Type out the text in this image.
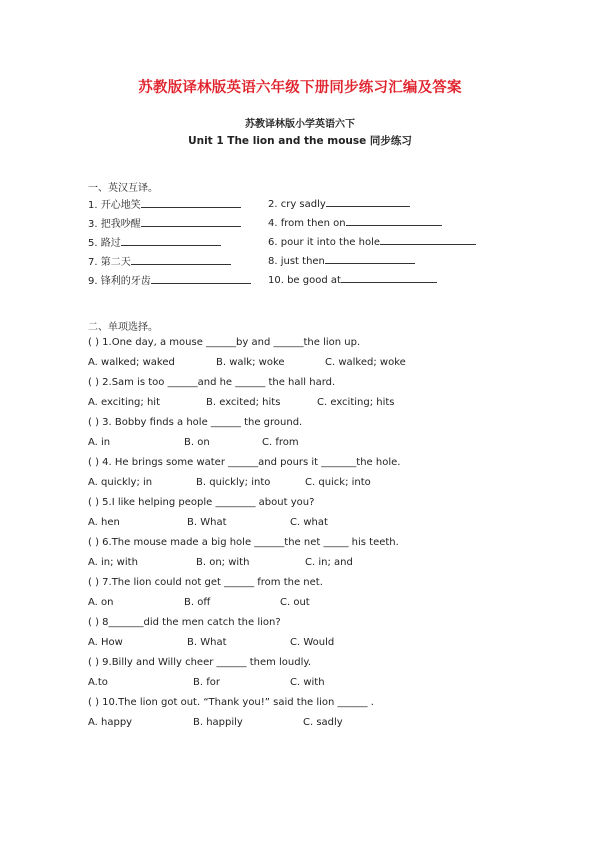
苏教版译林版英语六年级下册同步练习汇编及答案
苏教译林版小学英语六下
Unit 1 The lion and the mouse 同步练习
一、英汉互译。
1. 开心地笑	2. cry sadly
3. 把我吵醒	4. from then on
5. 路过	6. pour it into the hole
7. 第二天	8. just then
9. 锋利的牙齿	10. be good at
二、单项选择。
( ) 1.One day, a mouse ______by and ______the lion up.
A. walked; waked	B. walk; woke	C. walked; woke
( ) 2.Sam is too ______and he ______ the hall hard.
A. exciting; hit	B. excited; hits	C. exciting; hits
( ) 3. Bobby finds a hole ______ the ground.
A. in	B. on	C. from
( ) 4. He brings some water ______and pours it _______the hole.
A. quickly; in	B. quickly; into	C. quick; into
( ) 5.I like helping people ________ about you?
A. hen	B. What	C. what
( ) 6.The mouse made a big hole ______the net _____ his teeth.
A. in; with	B. on; with	C. in; and
( ) 7.The lion could not get ______ from the net.
A. on	B. off	C. out
( ) 8_______did the men catch the lion?
A. How	B. What	C. Would
( ) 9.Billy and Willy cheer ______ them loudly.
A.to	B. for	C. with
( ) 10.The lion got out. “Thank you!” said the lion ______ .
A. happy	B. happily	C. sadly
